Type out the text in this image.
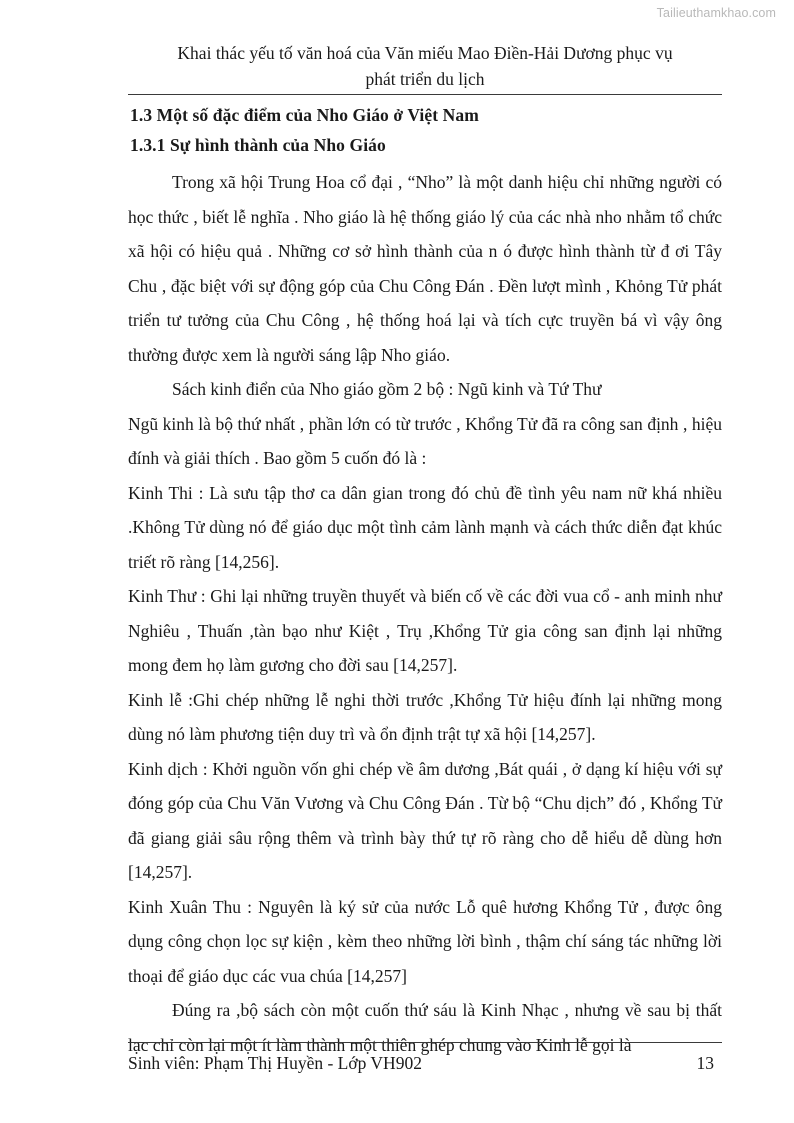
Tailieuthamkhao.com
Khai thác yếu tố văn hoá của Văn miếu Mao Điền-Hải Dương phục vụ
phát triển du lịch
1.3 Một số đặc điểm của Nho Giáo ở Việt Nam
1.3.1 Sự hình thành của Nho Giáo

Trong xã hội Trung Hoa cổ đại , “Nho” là một danh hiệu chỉ những người có học thức , biết lễ nghĩa . Nho giáo là hệ thống giáo lý của các nhà nho nhằm tổ chức xã hội có hiệu quả . Những cơ sở hình thành của n ó được hình thành từ đ ơi Tây Chu , đặc biệt với sự động góp của Chu Công Đán . Đền lượt mình , Khỏng Tử phát triển tư tưởng của Chu Công , hệ thống hoá lại và tích cực truyền bá vì vậy ông thường được xem là người sáng lập Nho giáo.

Sách kinh điển của Nho giáo gồm 2 bộ : Ngũ kinh và Tứ Thư

Ngũ kinh là bộ thứ nhất , phần lớn có từ trước , Khổng Tử đã ra công san định , hiệu đính và giải thích . Bao gồm 5 cuốn đó là :

Kinh Thi : Là sưu tập thơ ca dân gian trong đó chủ đề tình yêu nam nữ khá nhiều .Không Tử dùng nó để giáo dục một tình cảm lành mạnh và cách thức diễn đạt khúc triết rõ ràng [14,256].

Kinh Thư : Ghi lại những truyền thuyết và biến cố về các đời vua cổ - anh minh như Nghiêu , Thuấn ,tàn bạo như Kiệt , Trụ ,Khổng Tử gia công san định lại những mong đem họ làm gương cho đời sau [14,257].

Kinh lễ :Ghi chép những lễ nghi thời trước ,Khổng Tử hiệu đính lại những mong dùng nó làm phương tiện duy trì và ổn định trật tự xã hội [14,257].

Kinh dịch : Khởi nguồn vốn ghi chép về âm dương ,Bát quái , ở dạng kí hiệu với sự đóng góp của Chu Văn Vương và Chu Công Đán . Từ bộ “Chu dịch” đó , Khổng Tử đã giang giải sâu rộng thêm và trình bày thứ tự rõ ràng cho dễ hiểu dễ dùng hơn [14,257].

Kinh Xuân Thu : Nguyên là ký sử của nước Lỗ quê hương Khổng Tử , được ông dụng công chọn lọc sự kiện , kèm theo những lời bình , thậm chí sáng tác những lời thoại để giáo dục các vua chúa [14,257]

Đúng ra ,bộ sách còn một cuốn thứ sáu là Kinh Nhạc , nhưng về sau bị thất lạc chỉ còn lại một ít làm thành một thiên ghép chung vào Kinh lễ gọi là

Sinh viên: Phạm Thị Huyền - Lớp VH902	13
